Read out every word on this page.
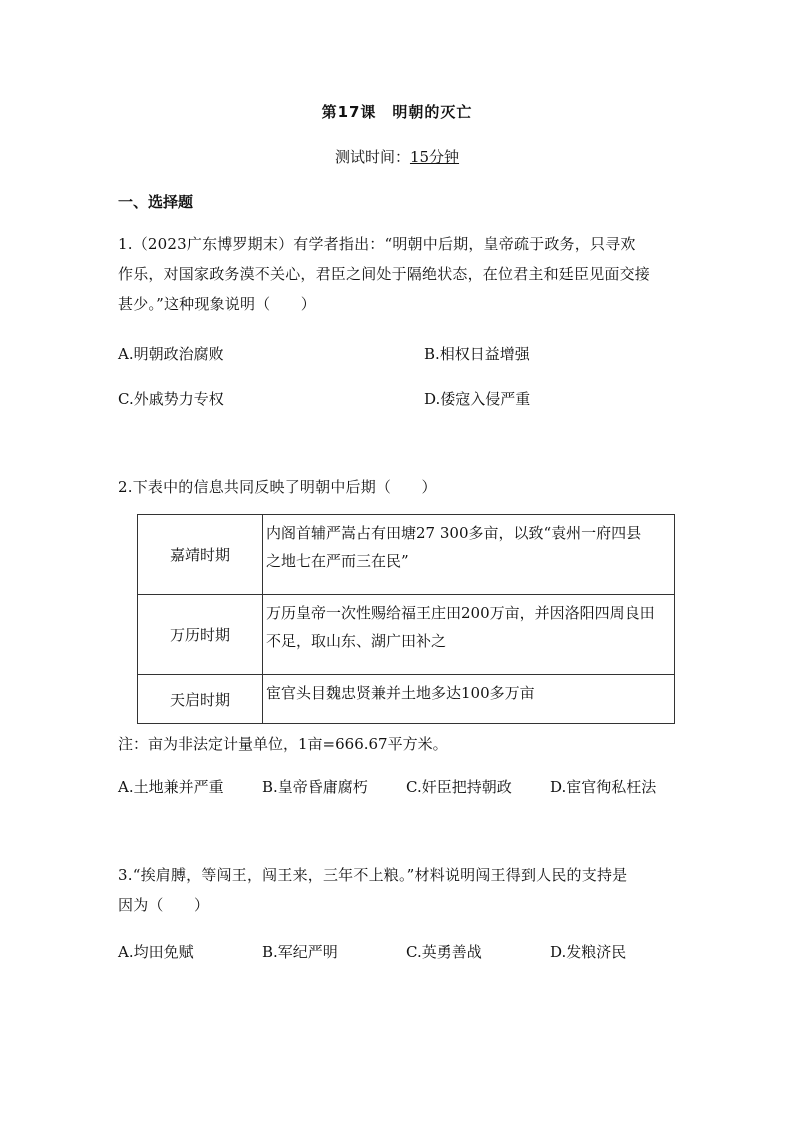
第17课　明朝的灭亡
测试时间：15分钟
一、选择题
1.（2023广东博罗期末）有学者指出：“明朝中后期，皇帝疏于政务，只寻欢
作乐，对国家政务漠不关心，君臣之间处于隔绝状态，在位君主和廷臣见面交接
甚少。”这种现象说明（　　）
A.明朝政治腐败	B.相权日益增强
C.外戚势力专权	D.倭寇入侵严重
2.下表中的信息共同反映了明朝中后期（　　）
嘉靖时期	内阁首辅严嵩占有田塘27 300多亩，以致“袁州一府四县
之地七在严而三在民”

万历时期	万历皇帝一次性赐给福王庄田200万亩，并因洛阳四周良田
不足，取山东、湖广田补之

天启时期	宦官头目魏忠贤兼并土地多达100多万亩
注：亩为非法定计量单位，1亩=666.67平方米。
A.土地兼并严重	B.皇帝昏庸腐朽	C.奸臣把持朝政	D.宦官徇私枉法
3.“挨肩膊，等闯王，闯王来，三年不上粮。”材料说明闯王得到人民的支持是
因为（　　）
A.均田免赋	B.军纪严明	C.英勇善战	D.发粮济民
